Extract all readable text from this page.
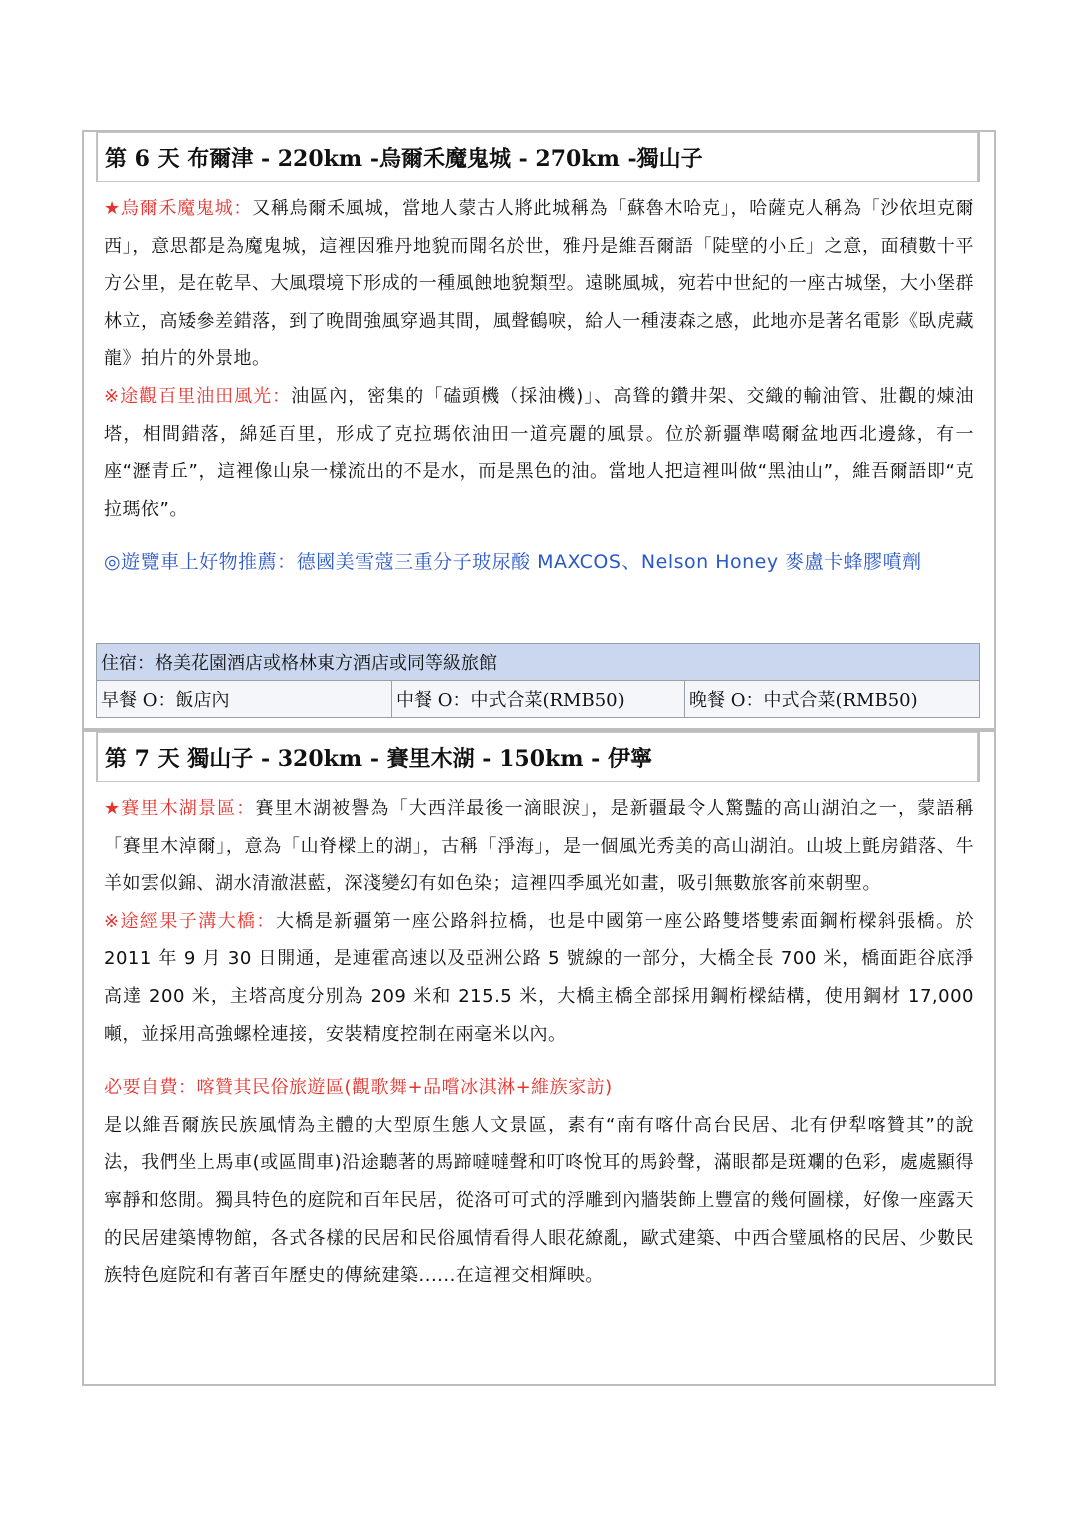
第 6 天 布爾津 - 220km -烏爾禾魔鬼城 - 270km -獨山子

★烏爾禾魔鬼城：又稱烏爾禾風城，當地人蒙古人將此城稱為「蘇魯木哈克」，哈薩克人稱為「沙依坦克爾西」，意思都是為魔鬼城，這裡因雅丹地貌而聞名於世，雅丹是維吾爾語「陡壁的小丘」之意，面積數十平方公里，是在乾旱、大風環境下形成的一種風蝕地貌類型。遠眺風城，宛若中世紀的一座古城堡，大小堡群林立，高矮參差錯落，到了晚間強風穿過其間，風聲鶴唳，給人一種淒森之感，此地亦是著名電影《臥虎藏龍》拍片的外景地。

※途觀百里油田風光：油區內，密集的「磕頭機（採油機)」、高聳的鑽井架、交織的輸油管、壯觀的煉油塔，相間錯落，綿延百里，形成了克拉瑪依油田一道亮麗的風景。位於新疆準噶爾盆地西北邊緣，有一座“瀝青丘”，這裡像山泉一樣流出的不是水，而是黑色的油。當地人把這裡叫做“黑油山”，維吾爾語即“克拉瑪依”。

◎遊覽車上好物推薦：德國美雪蔻三重分子玻尿酸 MAXCOS、Nelson Honey 麥盧卡蜂膠噴劑

住宿：格美花園酒店或格林東方酒店或同等級旅館
早餐 O：飯店內	中餐 O：中式合菜(RMB50)	晚餐 O：中式合菜(RMB50)
第 7 天 獨山子 - 320km - 賽里木湖 - 150km - 伊寧

★賽里木湖景區：賽里木湖被譽為「大西洋最後一滴眼淚」，是新疆最令人驚豔的高山湖泊之一，蒙語稱「賽里木淖爾」，意為「山脊樑上的湖」，古稱「淨海」，是一個風光秀美的高山湖泊。山坡上氈房錯落、牛羊如雲似錦、湖水清澈湛藍，深淺變幻有如色染；這裡四季風光如畫，吸引無數旅客前來朝聖。

※途經果子溝大橋：大橋是新疆第一座公路斜拉橋，也是中國第一座公路雙塔雙索面鋼桁樑斜張橋。於 2011 年 9 月 30 日開通，是連霍高速以及亞洲公路 5 號線的一部分，大橋全長 700 米，橋面距谷底淨高達 200 米，主塔高度分別為 209 米和 215.5 米，大橋主橋全部採用鋼桁樑結構，使用鋼材 17,000 噸，並採用高強螺栓連接，安裝精度控制在兩毫米以內。

必要自費：喀贊其民俗旅遊區(觀歌舞+品嚐冰淇淋+維族家訪)

是以維吾爾族民族風情為主體的大型原生態人文景區，素有“南有喀什高台民居、北有伊犁喀贊其”的說法，我們坐上馬車(或區間車)沿途聽著的馬蹄噠噠聲和叮咚悅耳的馬鈴聲，滿眼都是斑斕的色彩，處處顯得寧靜和悠閒。獨具特色的庭院和百年民居，從洛可可式的浮雕到內牆裝飾上豐富的幾何圖樣，好像一座露天的民居建築博物館，各式各樣的民居和民俗風情看得人眼花繚亂，歐式建築、中西合璧風格的民居、少數民族特色庭院和有著百年歷史的傳統建築......在這裡交相輝映。
